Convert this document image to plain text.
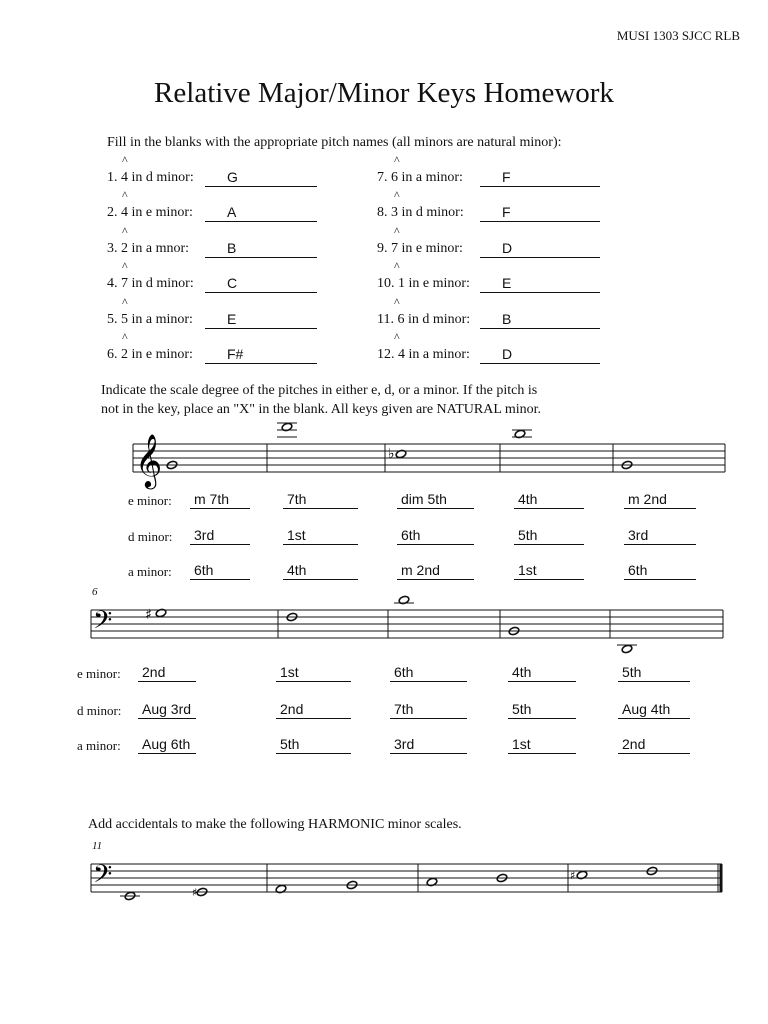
MUSI 1303 SJCC RLB
Relative Major/Minor Keys Homework
Fill in the blanks with the appropriate pitch names (all minors are natural minor):
^
1. 4 in d minor: G
^
2. 4 in e minor: A
^
3. 2 in a mnor:	B
^
4. 7 in d minor: C
^
5. 5 in a minor: E
^
6. 2 in e minor: F#
^
7. 6 in a minor:	F
^
8. 3 in d minor:	F
^
9. 7 in e minor:	D
^
10. 1 in e minor: E
^
11. 6 in d minor: B
^
12. 4 in a minor: D
Indicate the scale degree of the pitches in either e, d, or a minor. If the pitch is
not in the key, place an "X" in the blank. All keys given are NATURAL minor.
𝄞	♭
e minor: m 7th	7th	dim 5th	4th	m 2nd
d minor: 3rd	1st	6th	5th	3rd
a minor: 6th	4th	m 2nd	1st	6th
6
𝄢 ♯
e minor: 2nd	1st	6th	4th	5th
d minor: Aug 3rd	2nd	7th	5th	Aug 4th
a minor: Aug 6th	5th	3rd	1st	2nd
Add accidentals to make the following HARMONIC minor scales.
11
𝄢	♯
♯
